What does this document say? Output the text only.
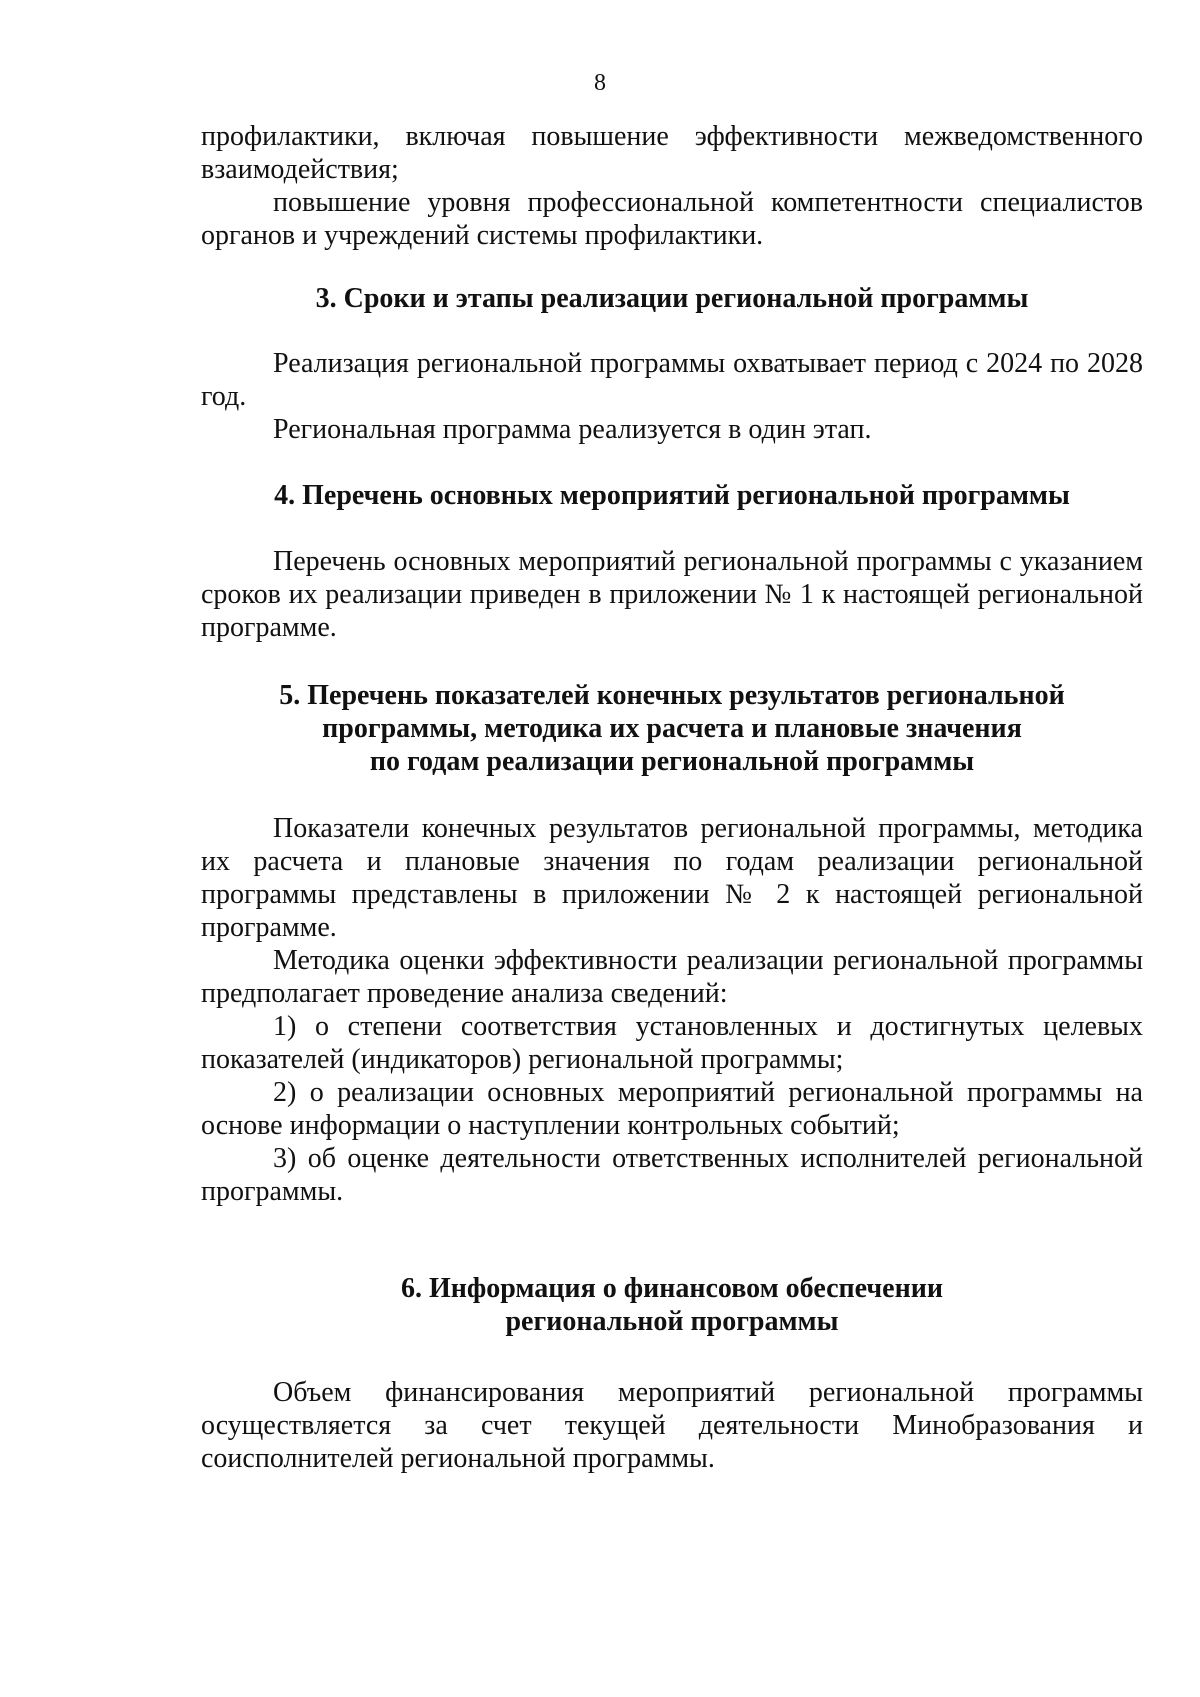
8

профилактики, включая повышение эффективности межведомственного взаимодействия;

повышение уровня профессиональной компетентности специалистов органов и учреждений системы профилактики.

3. Сроки и этапы реализации региональной программы

Реализация региональной программы охватывает период с 2024 по 2028 год.

Региональная программа реализуется в один этап.

4. Перечень основных мероприятий региональной программы

Перечень основных мероприятий региональной программы с указанием сроков их реализации приведен в приложении № 1 к настоящей региональной программе.

5. Перечень показателей конечных результатов региональной
программы, методика их расчета и плановые значения
по годам реализации региональной программы

Показатели конечных результатов региональной программы, методика их расчета и плановые значения по годам реализации региональной программы представлены в приложении № 2 к настоящей региональной программе.

Методика оценки эффективности реализации региональной программы предполагает проведение анализа сведений:

1) о степени соответствия установленных и достигнутых целевых показателей (индикаторов) региональной программы;

2) о реализации основных мероприятий региональной программы на основе информации о наступлении контрольных событий;

3) об оценке деятельности ответственных исполнителей региональной программы.

6. Информация о финансовом обеспечении
региональной программы

Объем финансирования мероприятий региональной программы осуществляется за счет текущей деятельности Минобразования и соисполнителей региональной программы.
